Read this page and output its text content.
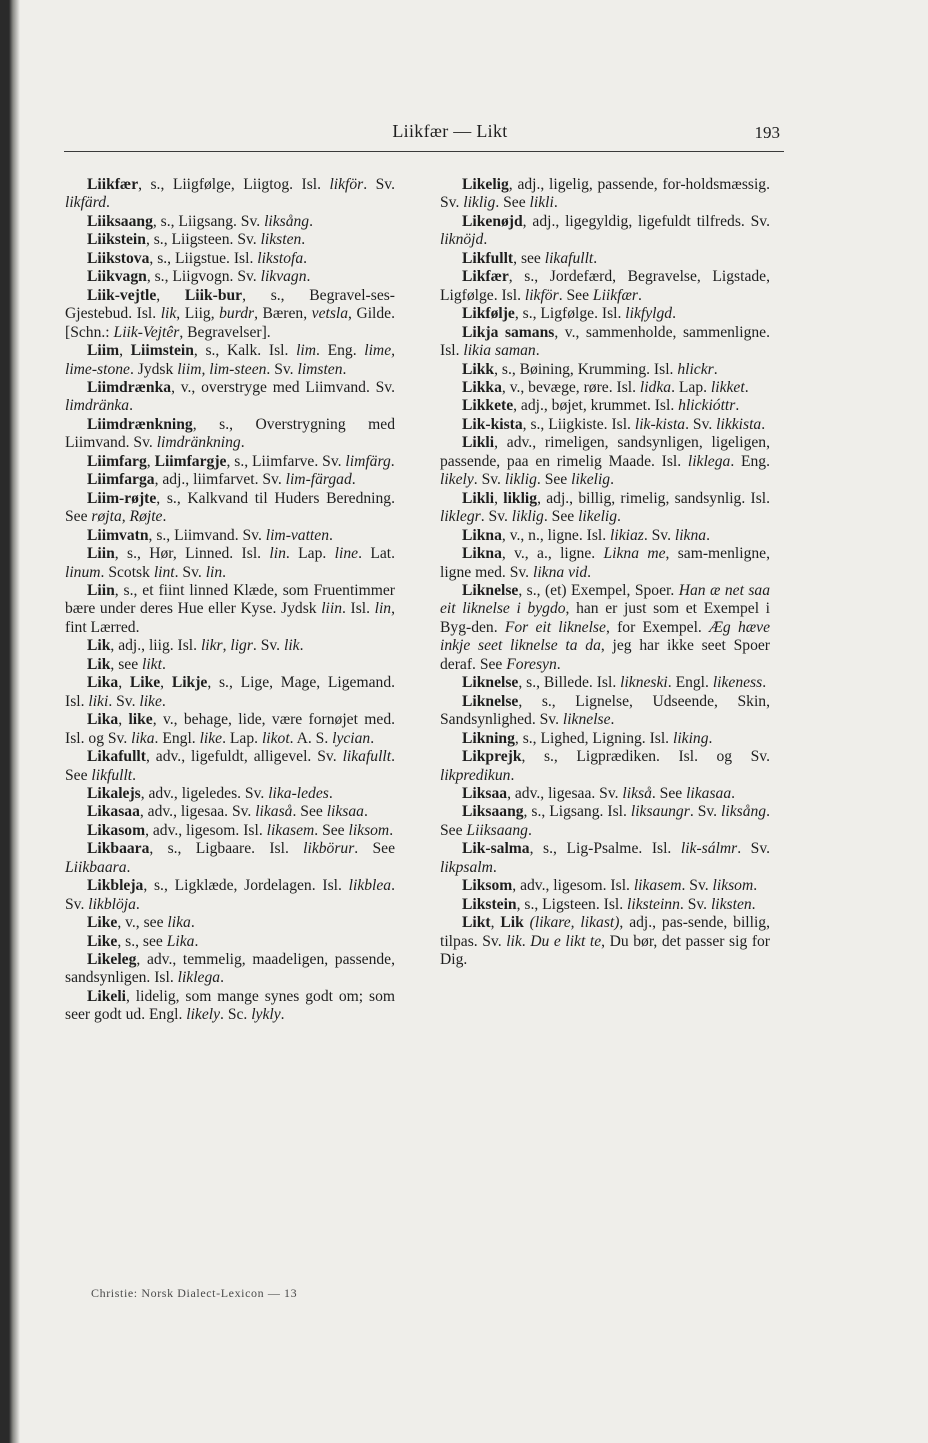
Liikfær — Likt	193

Liikfær, s., Liigfølge, Liigtog. Isl. likför. Sv. likfärd.

Liiksaang, s., Liigsang. Sv. liksång.

Liikstein, s., Liigsteen. Sv. liksten.

Liikstova, s., Liigstue. Isl. likstofa.

Liikvagn, s., Liigvogn. Sv. likvagn.

Liik-vejtle, Liik-bur, s., Begravel-ses-Gjestebud. Isl. lik, Liig, burdr, Bæren, vetsla, Gilde. [Schn.: Liik-Vejtêr, Begravelser].

Liim, Liimstein, s., Kalk. Isl. lim. Eng. lime, lime-stone. Jydsk liim, lim-steen. Sv. limsten.

Liimdrænka, v., overstryge med Liimvand. Sv. limdränka.

Liimdrænkning, s., Overstrygning med Liimvand. Sv. limdränkning.

Liimfarg, Liimfargje, s., Liimfarve. Sv. limfärg.

Liimfarga, adj., liimfarvet. Sv. lim-färgad.

Liim-røjte, s., Kalkvand til Huders Beredning. See røjta, Røjte.

Liimvatn, s., Liimvand. Sv. lim-vatten.

Liin, s., Hør, Linned. Isl. lin. Lap. line. Lat. linum. Scotsk lint. Sv. lin.

Liin, s., et fiint linned Klæde, som Fruentimmer bære under deres Hue eller Kyse. Jydsk liin. Isl. lin, fint Lærred.

Lik, adj., liig. Isl. likr, ligr. Sv. lik.

Lik, see likt.

Lika, Like, Likje, s., Lige, Mage, Ligemand. Isl. liki. Sv. like.

Lika, like, v., behage, lide, være fornøjet med. Isl. og Sv. lika. Engl. like. Lap. likot. A. S. lycian.

Likafullt, adv., ligefuldt, alligevel. Sv. likafullt. See likfullt.

Likalejs, adv., ligeledes. Sv. lika-ledes.

Likasaa, adv., ligesaa. Sv. likaså. See liksaa.

Likasom, adv., ligesom. Isl. likasem. See liksom.

Likbaara, s., Ligbaare. Isl. likbörur. See Liikbaara.

Likbleja, s., Ligklæde, Jordelagen. Isl. likblea. Sv. likblöja.

Like, v., see lika.

Like, s., see Lika.

Likeleg, adv., temmelig, maadeligen, passende, sandsynligen. Isl. liklega.

Likeli, lidelig, som mange synes godt om; som seer godt ud. Engl. likely. Sc. lykly.

Likelig, adj., ligelig, passende, for-holdsmæssig. Sv. liklig. See likli.

Likenøjd, adj., ligegyldig, ligefuldt tilfreds. Sv. liknöjd.

Likfullt, see likafullt.

Likfær, s., Jordefærd, Begravelse, Ligstade, Ligfølge. Isl. likför. See Liikfær.

Likfølje, s., Ligfølge. Isl. likfylgd.

Likja samans, v., sammenholde, sammenligne. Isl. likia saman.

Likk, s., Bøining, Krumming. Isl. hlickr.

Likka, v., bevæge, røre. Isl. lidka. Lap. likket.

Likkete, adj., bøjet, krummet. Isl. hlickióttr.

Lik-kista, s., Liigkiste. Isl. lik-kista. Sv. likkista.

Likli, adv., rimeligen, sandsynligen, ligeligen, passende, paa en rimelig Maade. Isl. liklega. Eng. likely. Sv. liklig. See likelig.

Likli, liklig, adj., billig, rimelig, sandsynlig. Isl. liklegr. Sv. liklig. See likelig.

Likna, v., n., ligne. Isl. likiaz. Sv. likna.

Likna, v., a., ligne. Likna me, sam-menligne, ligne med. Sv. likna vid.

Liknelse, s., (et) Exempel, Spoer. Han æ net saa eit liknelse i bygdo, han er just som et Exempel i Byg-den. For eit liknelse, for Exempel. Æg hæve inkje seet liknelse ta da, jeg har ikke seet Spoer deraf. See Foresyn.

Liknelse, s., Billede. Isl. likneski. Engl. likeness.

Liknelse, s., Lignelse, Udseende, Skin, Sandsynlighed. Sv. liknelse.

Likning, s., Lighed, Ligning. Isl. liking.

Likprejk, s., Ligprædiken. Isl. og Sv. likpredikun.

Liksaa, adv., ligesaa. Sv. likså. See likasaa.

Liksaang, s., Ligsang. Isl. liksaungr. Sv. liksång. See Liiksaang.

Lik-salma, s., Lig-Psalme. Isl. lik-sálmr. Sv. likpsalm.

Liksom, adv., ligesom. Isl. likasem. Sv. liksom.

Likstein, s., Ligsteen. Isl. liksteinn. Sv. liksten.

Likt, Lik (likare, likast), adj., pas-sende, billig, tilpas. Sv. lik. Du e likt te, Du bør, det passer sig for Dig.

Christie: Norsk Dialect-Lexicon — 13
